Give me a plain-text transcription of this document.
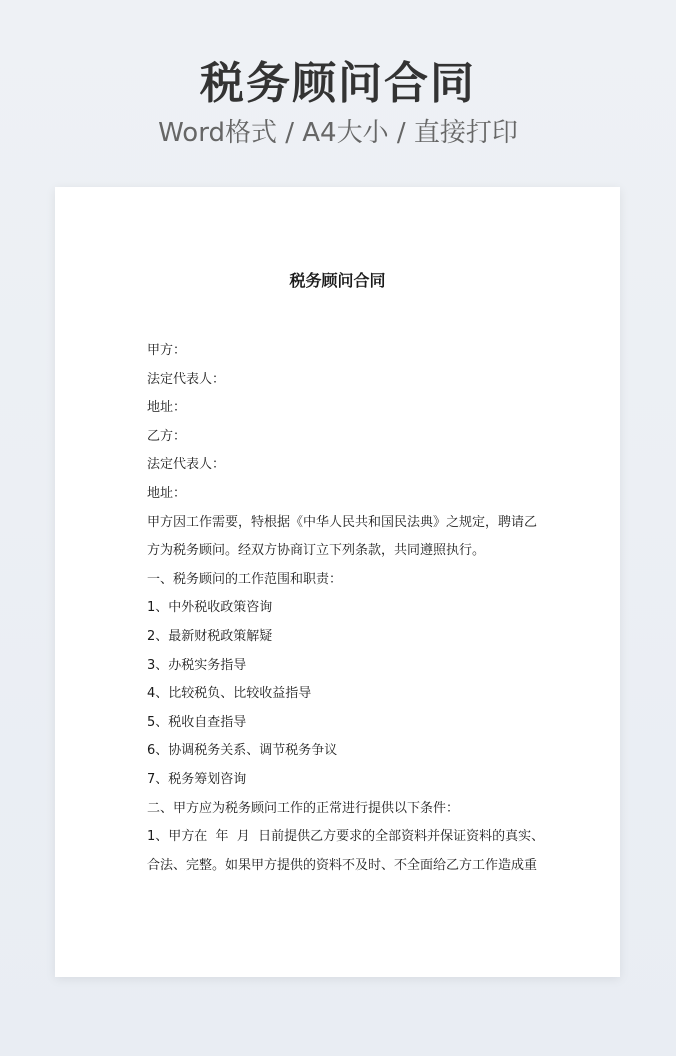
税务顾问合同
Word格式 / A4大小 / 直接打印
税务顾问合同
甲方：
法定代表人：
地址：
乙方：
法定代表人：
地址：
甲方因工作需要，特根据《中华人民共和国民法典》之规定，聘请乙
方为税务顾问。经双方协商订立下列条款，共同遵照执行。
一、税务顾问的工作范围和职责：
1、中外税收政策咨询
2、最新财税政策解疑
3、办税实务指导
4、比较税负、比较收益指导
5、税收自查指导
6、协调税务关系、调节税务争议
7、税务筹划咨询
二、甲方应为税务顾问工作的正常进行提供以下条件：
1、甲方在  年  月  日前提供乙方要求的全部资料并保证资料的真实、
合法、完整。如果甲方提供的资料不及时、不全面给乙方工作造成重
